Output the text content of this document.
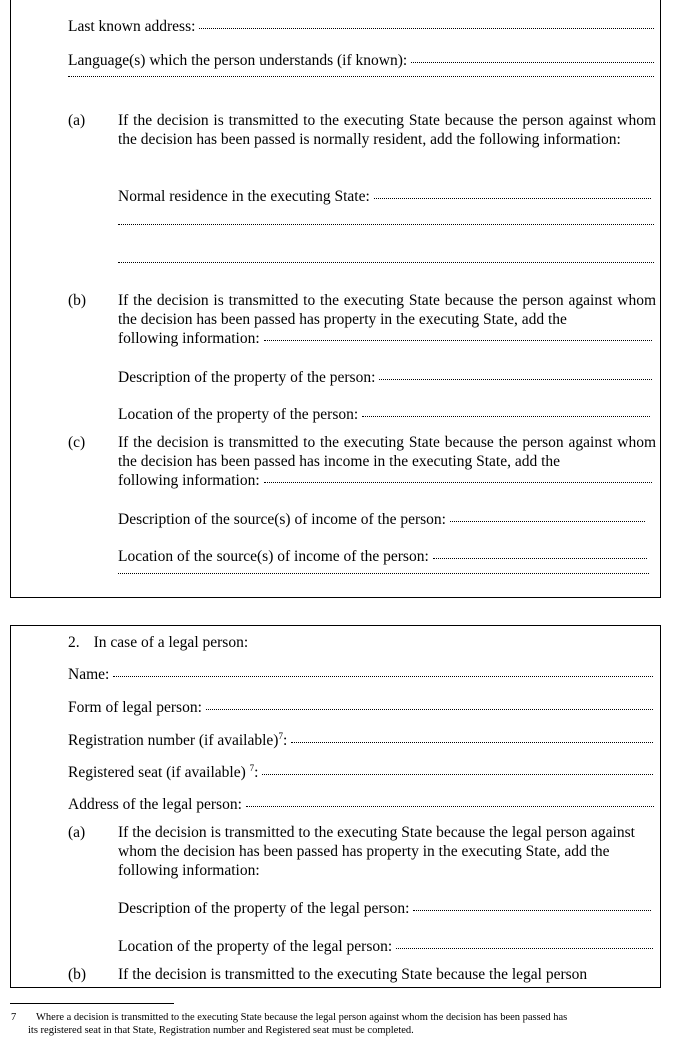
Last known address:
Language(s) which the person understands (if known):
(a) If the decision is transmitted to the executing State because the person against whom the decision has been passed is normally resident, add the following information:
Normal residence in the executing State:
(b) If the decision is transmitted to the executing State because the person against whom the decision has been passed has property in the executing State, add the
following information:
Description of the property of the person:
Location of the property of the person:
(c) If the decision is transmitted to the executing State because the person against whom the decision has been passed has income in the executing State, add the
following information:
Description of the source(s) of income of the person:
Location of the source(s) of income of the person:
2. In case of a legal person:
Name:
Form of legal person:
Registration number (if available)$^7$:
Registered seat (if available) $^7$:
Address of the legal person:
(a) If the decision is transmitted to the executing State because the legal person against whom the decision has been passed has property in the executing State, add the following information:
Description of the property of the legal person:
Location of the property of the legal person:
(b) If the decision is transmitted to the executing State because the legal person
7 Where a decision is transmitted to the executing State because the legal person against whom the decision has been passed has
its registered seat in that State, Registration number and Registered seat must be completed.
